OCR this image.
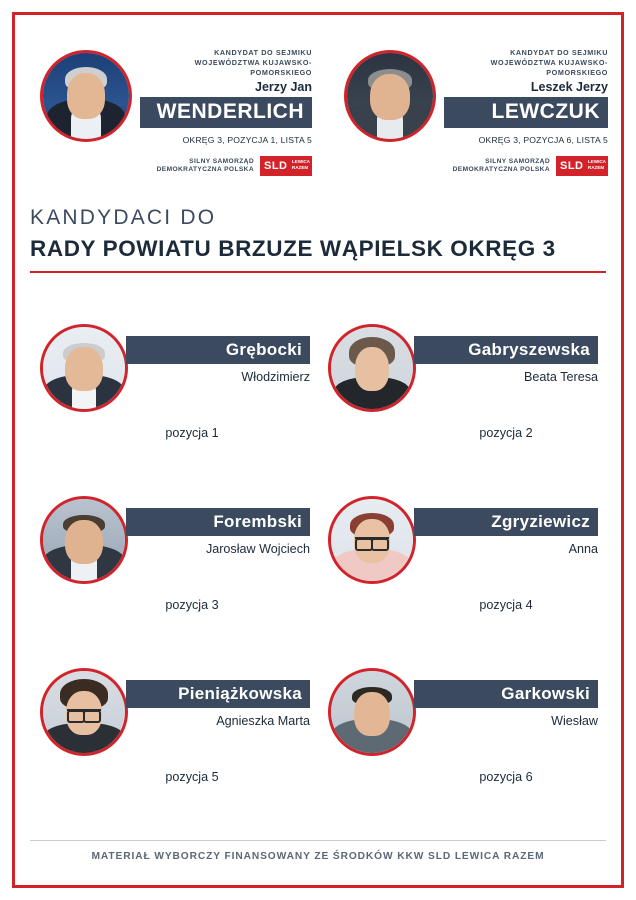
KANDYDAT DO SEJMIKU
WOJEWÓDZTWA KUJAWSKO-POMORSKIEGO
Jerzy Jan
WENDERLICH
OKRĘG 3, POZYCJA 1, LISTA 5
SILNY SAMORZĄD
DEMOKRATYCZNA POLSKA SLD LEWICA
RAZEM
KANDYDAT DO SEJMIKU
WOJEWÓDZTWA KUJAWSKO-POMORSKIEGO
Leszek Jerzy
LEWCZUK
OKRĘG 3, POZYCJA 6, LISTA 5
SILNY SAMORZĄD
DEMOKRATYCZNA POLSKA SLD LEWICA
RAZEM
KANDYDACI DO
RADY POWIATU BRZUZE WĄPIELSK OKRĘG 3
Grębocki
Włodzimierz
pozycja 1
Gabryszewska
Beata Teresa
pozycja 2
Forembski
Jarosław Wojciech
pozycja 3
Zgryziewicz
Anna
pozycja 4
Pieniążkowska
Agnieszka Marta
pozycja 5
Garkowski
Wiesław
pozycja 6
MATERIAŁ WYBORCZY FINANSOWANY ZE ŚRODKÓW KKW SLD LEWICA RAZEM
